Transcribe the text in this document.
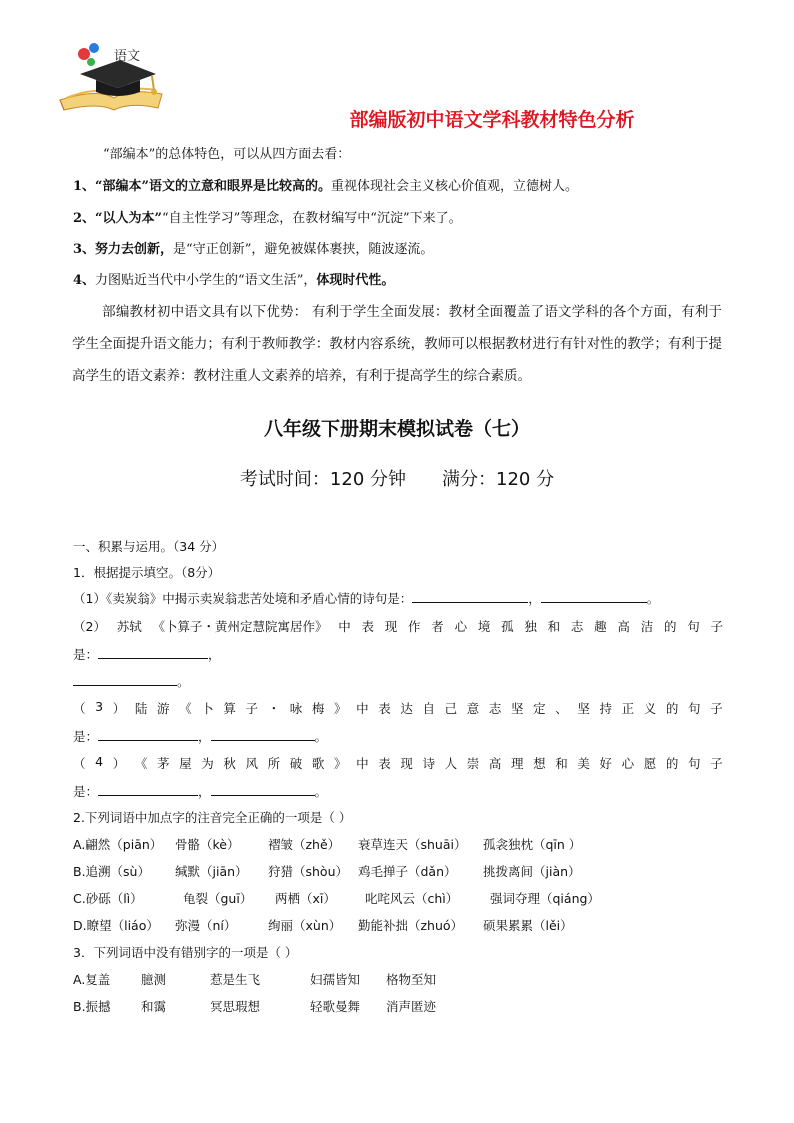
语文
部编版初中语文学科教材特色分析
“部编本”的总体特色，可以从四方面去看：
1、“部编本”语文的立意和眼界是比较高的。重视体现社会主义核心价值观，立德树人。
2、“以人为本”“自主性学习”等理念，在教材编写中“沉淀”下来了。
3、努力去创新，是“守正创新”，避免被媒体裹挟，随波逐流。
4、力图贴近当代中小学生的“语文生活”，体现时代性。
部编教材初中语文具有以下优势： 有利于学生全面发展：教材全面覆盖了语文学科的各个方面，有利于学生全面提升语文能力；有利于教师教学：教材内容系统，教师可以根据教材进行有针对性的教学；有利于提高学生的语文素养：教材注重人文素养的培养，有利于提高学生的综合素质。
八年级下册期末模拟试卷（七）
考试时间：120 分钟 满分：120 分
一、积累与运用。（34 分）
1．根据提示填空。（8分）
（1）《卖炭翁》中揭示卖炭翁悲苦处境和矛盾心情的诗句是：	，	。
（2） 苏轼 《卜算子・黄州定慧院寓居作》 中 表 现 作 者 心 境 孤 独 和 志 趣 高 洁 的 句 子
是：	，
。
（ 3 ） 陆 游 《 卜 算 子 ・ 咏 梅 》 中 表 达 自 己 意 志 坚 定 、 坚 持 正 义 的 句 子
是：	，	。
（ 4 ） 《 茅 屋 为 秋 风 所 破 歌 》 中 表 现 诗 人 崇 高 理 想 和 美 好 心 愿 的 句 子
是：	，	。
2.下列词语中加点字的注音完全正确的一项是（ ）
A.翩然（piān） 骨骼（kè） 褶皱（zhě） 衰草连天（shuāi） 孤衾独枕（qīn ）
B.追溯（sù） 缄默（jiān） 狩猎（shòu） 鸡毛掸子（dǎn） 挑拨离间（jiàn）
C.砂砾（lì）	龟裂（guī） 两栖（xī） 叱咤风云（chì）	强词夺理（qiáng）
D.瞭望（liáo） 弥漫（ní）	绚丽（xùn） 勤能补拙（zhuó） 硕果累累（lěi）
3．下列词语中没有错别字的一项是（ ）
A.复盖 臆测	惹是生飞	妇孺皆知 格物至知
B.振撼 和霭	冥思瑕想	轻歌曼舞 消声匿迹
